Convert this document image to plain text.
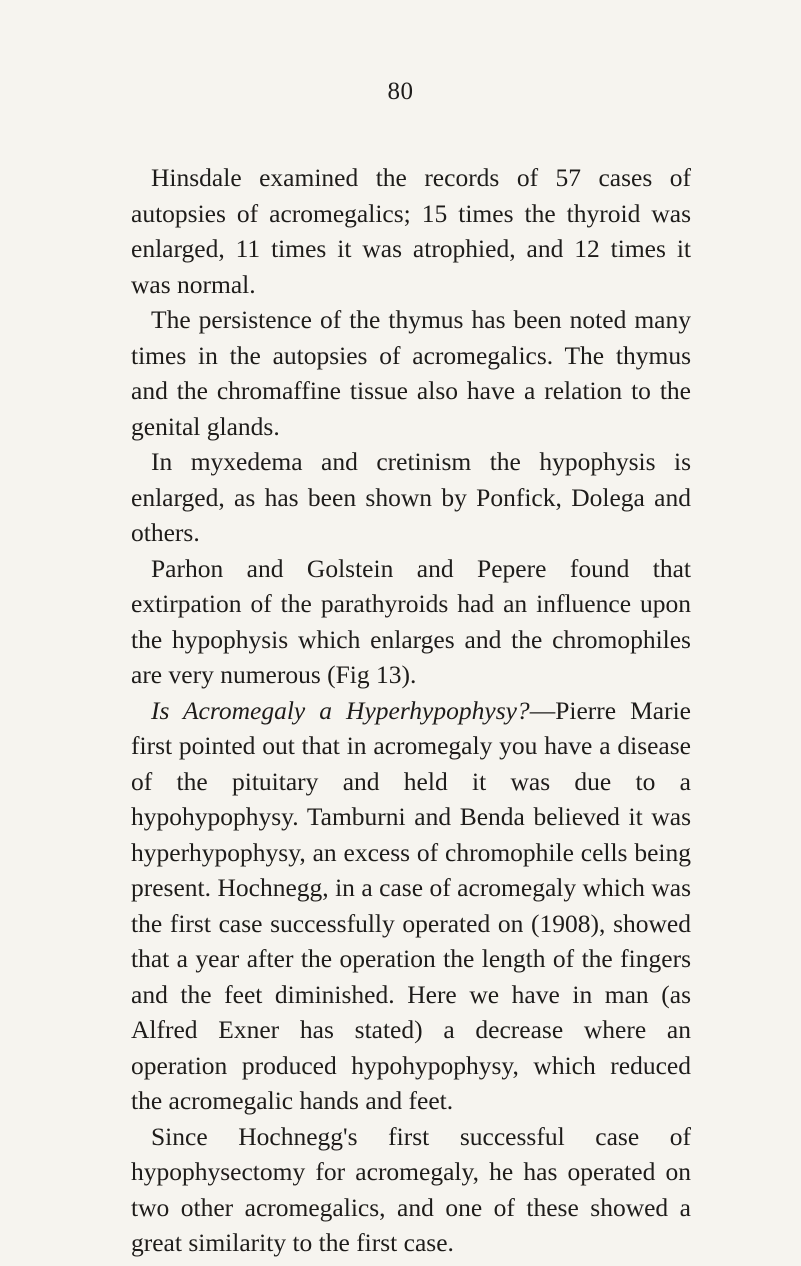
80

Hinsdale examined the records of 57 cases of autopsies of acromegalics; 15 times the thyroid was enlarged, 11 times it was atrophied, and 12 times it was normal.

The persistence of the thymus has been noted many times in the autopsies of acromegalics. The thymus and the chromaffine tissue also have a relation to the genital glands.

In myxedema and cretinism the hypophysis is enlarged, as has been shown by Ponfick, Dolega and others.

Parhon and Golstein and Pepere found that extirpation of the parathyroids had an influence upon the hypophysis which enlarges and the chromophiles are very numerous (Fig 13).

Is Acromegaly a Hyperhypophysy?—Pierre Marie first pointed out that in acromegaly you have a disease of the pituitary and held it was due to a hypohypophysy. Tamburni and Benda believed it was hyperhypophysy, an excess of chromophile cells being present. Hochnegg, in a case of acromegaly which was the first case successfully operated on (1908), showed that a year after the operation the length of the fingers and the feet diminished. Here we have in man (as Alfred Exner has stated) a decrease where an operation produced hypohypophysy, which reduced the acromegalic hands and feet.

Since Hochnegg's first successful case of hypophysectomy for acromegaly, he has operated on two other acromegalics, and one of these showed a great similarity to the first case.
